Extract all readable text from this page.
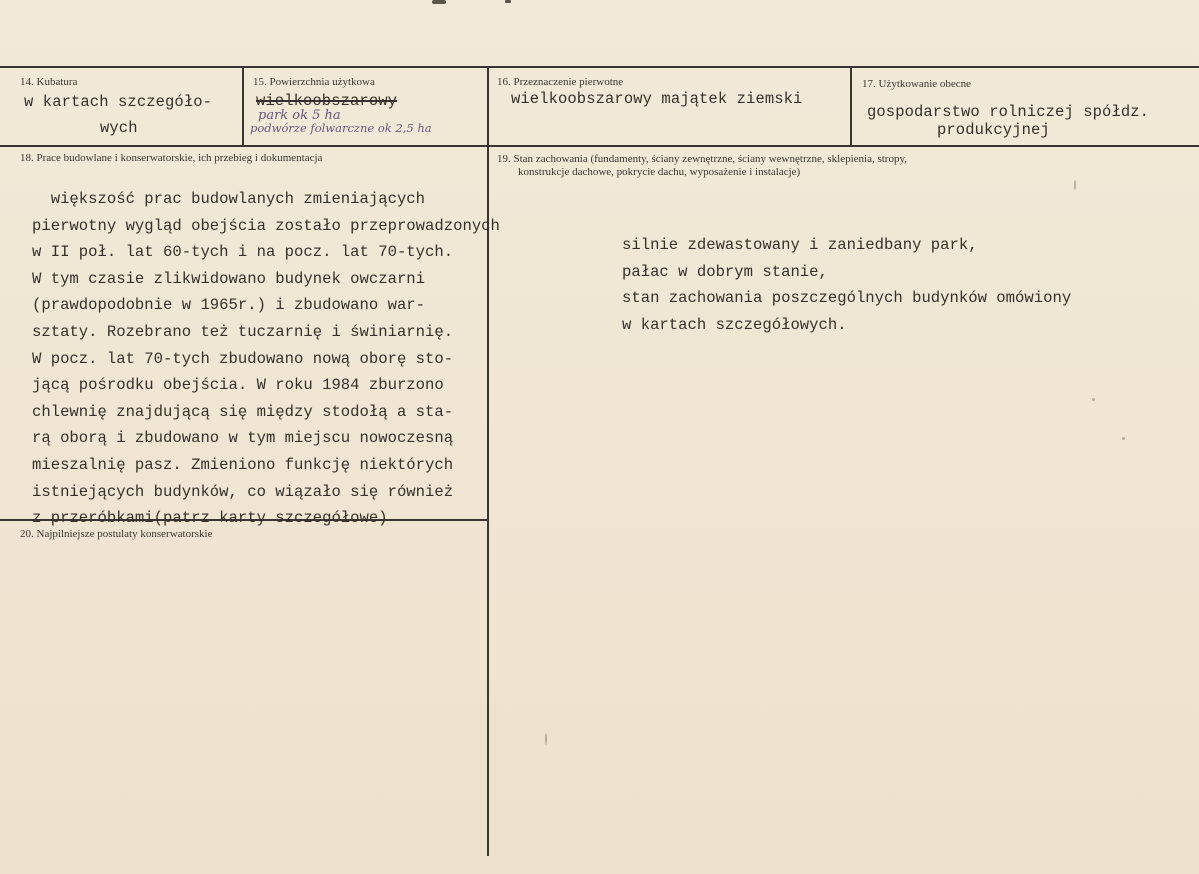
14. Kubatura
w kartach szczegóło-
wych
15. Powierzchnia użytkowa
wielkoobszarowy
park ok 5 ha
podwórze folwarczne ok 2,5 ha
16. Przeznaczenie pierwotne
wielkoobszarowy majątek ziemski
17. Użytkowanie obecne
gospodarstwo rolniczej spółdz.
produkcyjnej
18. Prace budowlane i konserwatorskie, ich przebieg i dokumentacja
większość prac budowlanych zmieniających
pierwotny wygląd obejścia zostało przeprowadzonych
w II poł. lat 60-tych i na pocz. lat 70-tych.
W tym czasie zlikwidowano budynek owczarni
(prawdopodobnie w 1965r.) i zbudowano war-
sztaty. Rozebrano też tuczarnię i świniarnię.
W pocz. lat 70-tych zbudowano nową oborę sto-
jącą pośrodku obejścia. W roku 1984 zburzono
chlewnię znajdującą się między stodołą a sta-
rą oborą i zbudowano w tym miejscu nowoczesną
mieszalnię pasz. Zmieniono funkcję niektórych
istniejących budynków, co wiązało się również
z przeróbkami(patrz karty szczegółowe)
19. Stan zachowania (fundamenty, ściany zewnętrzne, ściany wewnętrzne, sklepienia, stropy,
konstrukcje dachowe, pokrycie dachu, wyposażenie i instalacje)
silnie zdewastowany i zaniedbany park,
pałac w dobrym stanie,
stan zachowania poszczególnych budynków omówiony
w kartach szczegółowych.
20. Najpilniejsze postulaty konserwatorskie
